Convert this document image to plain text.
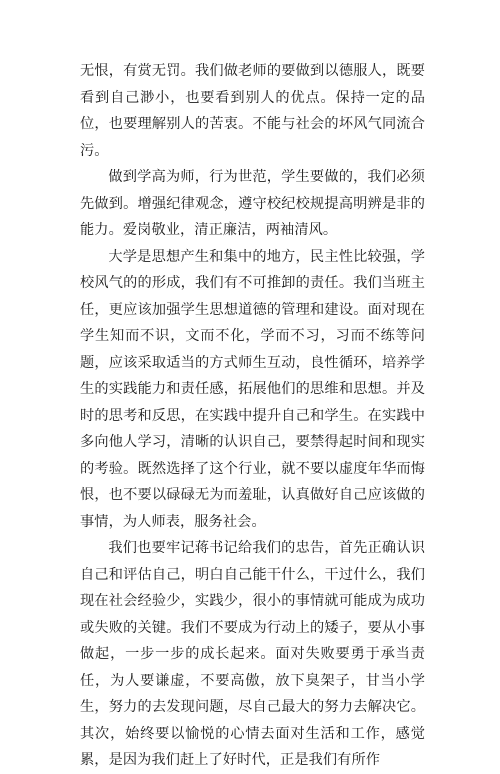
无恨，有赏无罚。我们做老师的要做到以德服人，既要看到自己渺小，也要看到别人的优点。保持一定的品位，也要理解别人的苦衷。不能与社会的坏风气同流合污。

做到学高为师，行为世范，学生要做的，我们必须先做到。增强纪律观念，遵守校纪校规提高明辨是非的能力。爱岗敬业，清正廉洁，两袖清风。

大学是思想产生和集中的地方，民主性比较强，学校风气的的形成，我们有不可推卸的责任。我们当班主任，更应该加强学生思想道德的管理和建设。面对现在学生知而不识，文而不化，学而不习，习而不练等问题，应该采取适当的方式师生互动，良性循环，培养学生的实践能力和责任感，拓展他们的思维和思想。并及时的思考和反思，在实践中提升自己和学生。在实践中多向他人学习，清晰的认识自己，要禁得起时间和现实的考验。既然选择了这个行业，就不要以虚度年华而悔恨，也不要以碌碌无为而羞耻，认真做好自己应该做的事情，为人师表，服务社会。

我们也要牢记蒋书记给我们的忠告，首先正确认识自己和评估自己，明白自己能干什么，干过什么，我们现在社会经验少，实践少，很小的事情就可能成为成功或失败的关键。我们不要成为行动上的矮子，要从小事做起，一步一步的成长起来。面对失败要勇于承当责任，为人要谦虚，不要高傲，放下臭架子，甘当小学生，努力的去发现问题，尽自己最大的努力去解决它。其次，始终要以愉悦的心情去面对生活和工作，感觉累，是因为我们赶上了好时代，正是我们有所作
